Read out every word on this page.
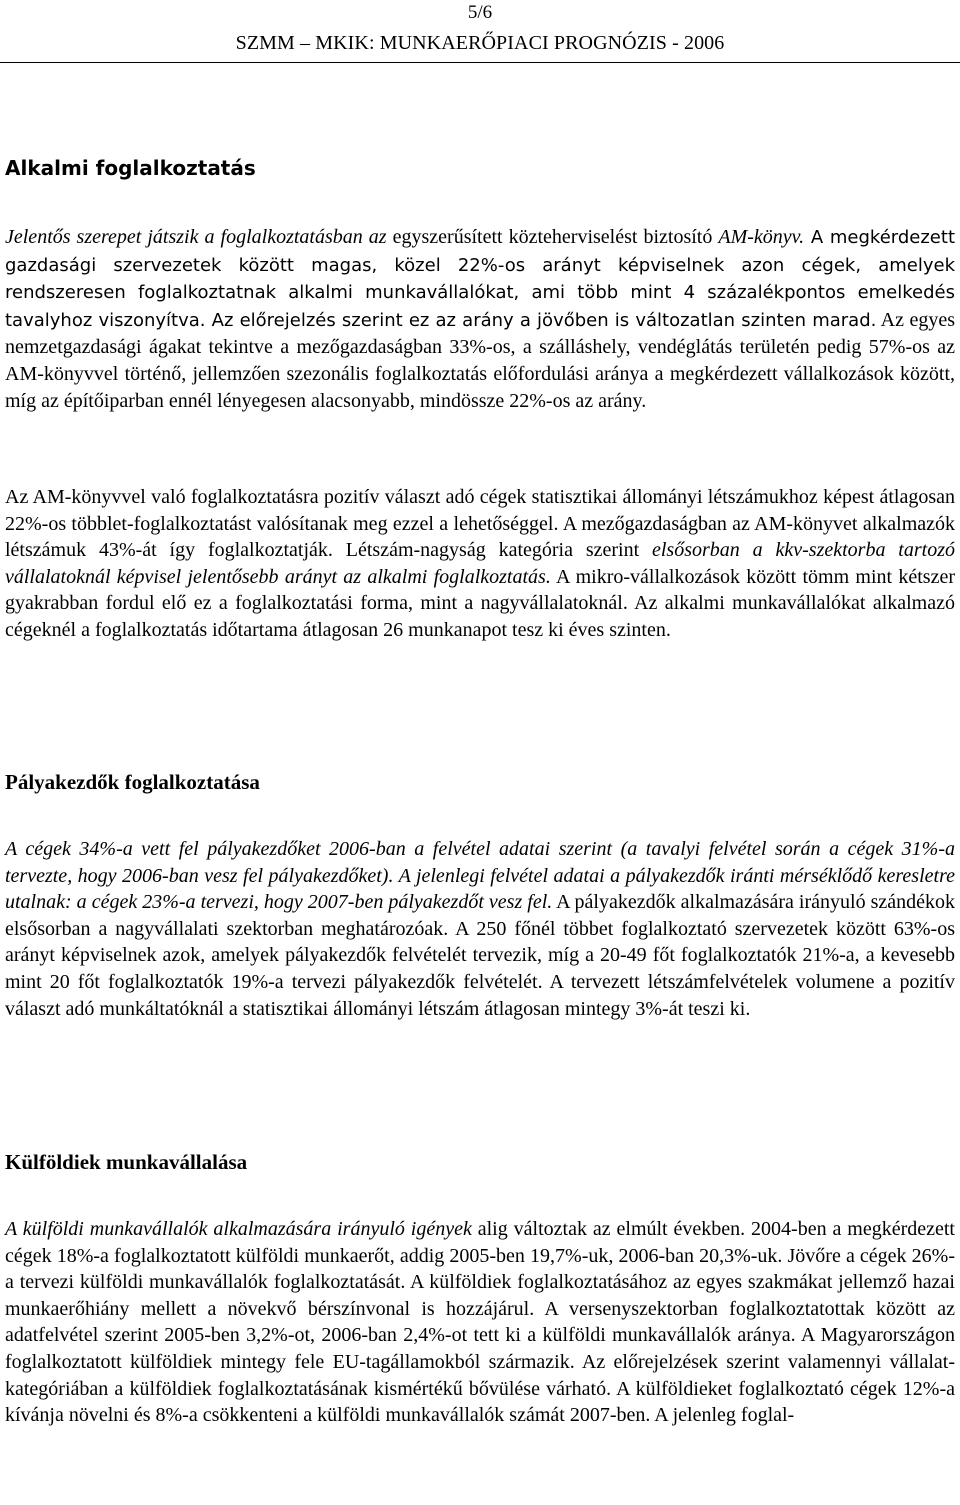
5/6
SZMM – MKIK: MUNKAERŐPIACI PROGNÓZIS - 2006
Alkalmi foglalkoztatás
Jelentős szerepet játszik a foglalkoztatásban az egyszerűsített közteherviselést biztosító AM-könyv. A megkérdezett gazdasági szervezetek között magas, közel 22%-os arányt képviselnek azon cégek, amelyek rendszeresen foglalkoztatnak alkalmi munkavállalókat, ami több mint 4 százalékpontos emelkedés tavalyhoz viszonyítva. Az előrejelzés szerint ez az arány a jövőben is változatlan szinten marad. Az egyes nemzetgazdasági ágakat tekintve a mezőgazdaságban 33%-os, a szálláshely, vendéglátás területén pedig 57%-os az AM-könyvvel történő, jellemzően szezonális foglalkoztatás előfordulási aránya a megkérdezett vállalkozások között, míg az építőiparban ennél lényegesen alacsonyabb, mindössze 22%-os az arány.
Az AM-könyvvel való foglalkoztatásra pozitív választ adó cégek statisztikai állományi létszámukhoz képest átlagosan 22%-os többlet-foglalkoztatást valósítanak meg ezzel a lehetőséggel. A mezőgazdaságban az AM-könyvet alkalmazók létszámuk 43%-át így foglalkoztatják. Létszám-nagyság kategória szerint elsősorban a kkv-szektorba tartozó vállalatoknál képvisel jelentősebb arányt az alkalmi foglalkoztatás. A mikro-vállalkozások között tömm mint kétszer gyakrabban fordul elő ez a foglalkoztatási forma, mint a nagyvállalatoknál. Az alkalmi munkavállalókat alkalmazó cégeknél a foglalkoztatás időtartama átlagosan 26 munkanapot tesz ki éves szinten.
Pályakezdők foglalkoztatása
A cégek 34%-a vett fel pályakezdőket 2006-ban a felvétel adatai szerint (a tavalyi felvétel során a cégek 31%-a tervezte, hogy 2006-ban vesz fel pályakezdőket). A jelenlegi felvétel adatai a pályakezdők iránti mérséklődő keresletre utalnak: a cégek 23%-a tervezi, hogy 2007-ben pályakezdőt vesz fel. A pályakezdők alkalmazására irányuló szándékok elsősorban a nagyvállalati szektorban meghatározóak. A 250 főnél többet foglalkoztató szervezetek között 63%-os arányt képviselnek azok, amelyek pályakezdők felvételét tervezik, míg a 20-49 főt foglalkoztatók 21%-a, a kevesebb mint 20 főt foglalkoztatók 19%-a tervezi pályakezdők felvételét. A tervezett létszámfelvételek volumene a pozitív választ adó munkáltatóknál a statisztikai állományi létszám átlagosan mintegy 3%-át teszi ki.
Külföldiek munkavállalása
A külföldi munkavállalók alkalmazására irányuló igények alig változtak az elmúlt években. 2004-ben a megkérdezett cégek 18%-a foglalkoztatott külföldi munkaerőt, addig 2005-ben 19,7%-uk, 2006-ban 20,3%-uk. Jövőre a cégek 26%-a tervezi külföldi munkavállalók foglalkoztatását. A külföldiek foglalkoztatásához az egyes szakmákat jellemző hazai munkaerőhiány mellett a növekvő bérszínvonal is hozzájárul. A versenyszektorban foglalkoztatottak között az adatfelvétel szerint 2005-ben 3,2%-ot, 2006-ban 2,4%-ot tett ki a külföldi munkavállalók aránya. A Magyarországon foglalkoztatott külföldiek mintegy fele EU-tagállamokból származik. Az előrejelzések szerint valamennyi vállalat-kategóriában a külföldiek foglalkoztatásának kismértékű bővülése várható. A külföldieket foglalkoztató cégek 12%-a kívánja növelni és 8%-a csökkenteni a külföldi munkavállalók számát 2007-ben. A jelenleg foglal-
